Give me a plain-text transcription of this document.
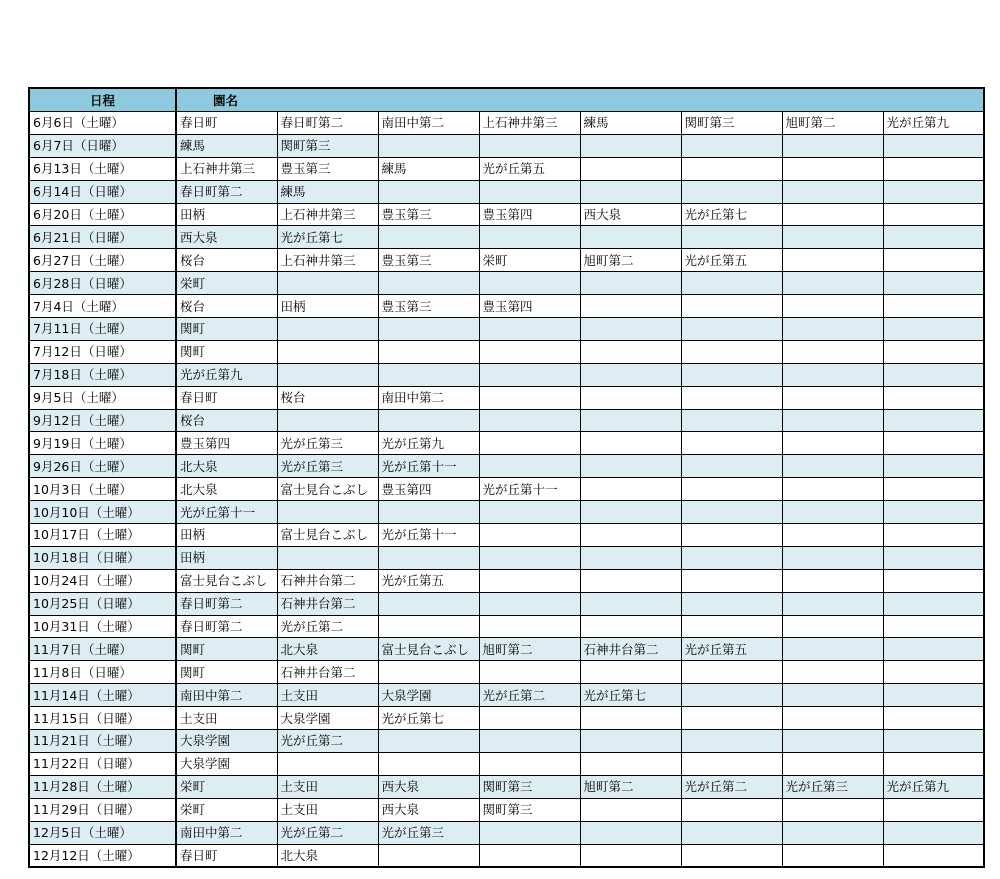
日程	園名							
6月6日（土曜）	春日町	春日町第二	南田中第二	上石神井第三	練馬	関町第三	旭町第二	光が丘第九
6月7日（日曜）	練馬	関町第三						
6月13日（土曜）	上石神井第三	豊玉第三	練馬	光が丘第五				
6月14日（日曜）	春日町第二	練馬						
6月20日（土曜）	田柄	上石神井第三	豊玉第三	豊玉第四	西大泉	光が丘第七		
6月21日（日曜）	西大泉	光が丘第七						
6月27日（土曜）	桜台	上石神井第三	豊玉第三	栄町	旭町第二	光が丘第五		
6月28日（日曜）	栄町							
7月4日（土曜）	桜台	田柄	豊玉第三	豊玉第四				
7月11日（土曜）	関町							
7月12日（日曜）	関町							
7月18日（土曜）	光が丘第九							
9月5日（土曜）	春日町	桜台	南田中第二					
9月12日（土曜）	桜台							
9月19日（土曜）	豊玉第四	光が丘第三	光が丘第九					
9月26日（土曜）	北大泉	光が丘第三	光が丘第十一					
10月3日（土曜）	北大泉	富士見台こぶし	豊玉第四	光が丘第十一				
10月10日（土曜）	光が丘第十一							
10月17日（土曜）	田柄	富士見台こぶし	光が丘第十一					
10月18日（日曜）	田柄							
10月24日（土曜）	富士見台こぶし	石神井台第二	光が丘第五					
10月25日（日曜）	春日町第二	石神井台第二						
10月31日（土曜）	春日町第二	光が丘第二						
11月7日（土曜）	関町	北大泉	富士見台こぶし	旭町第二	石神井台第二	光が丘第五		
11月8日（日曜）	関町	石神井台第二						
11月14日（土曜）	南田中第二	土支田	大泉学園	光が丘第二	光が丘第七			
11月15日（日曜）	土支田	大泉学園	光が丘第七					
11月21日（土曜）	大泉学園	光が丘第二						
11月22日（日曜）	大泉学園							
11月28日（土曜）	栄町	土支田	西大泉	関町第三	旭町第二	光が丘第二	光が丘第三	光が丘第九
11月29日（日曜）	栄町	土支田	西大泉	関町第三				
12月5日（土曜）	南田中第二	光が丘第二	光が丘第三					
12月12日（土曜）	春日町	北大泉						
